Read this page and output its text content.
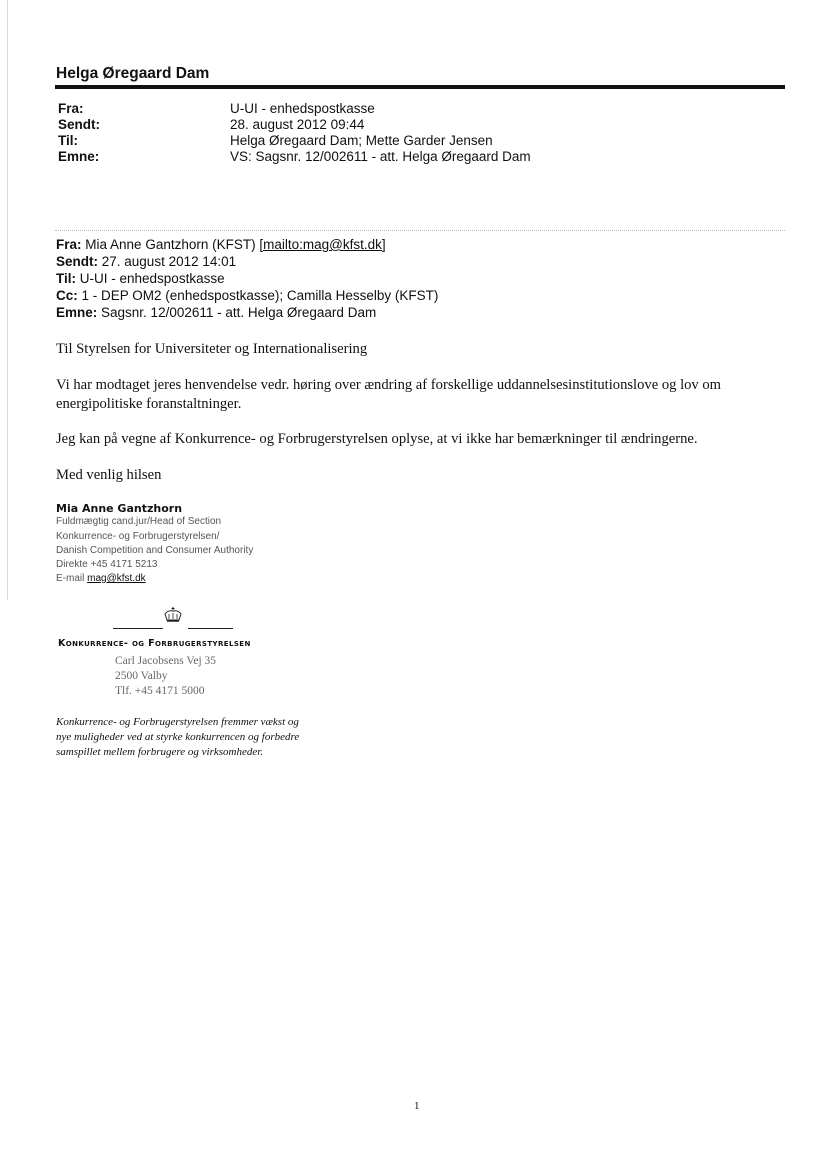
Helga Øregaard Dam
Fra:	U-UI - enhedspostkasse
Sendt:	28. august 2012 09:44
Til:	Helga Øregaard Dam; Mette Garder Jensen
Emne:	VS: Sagsnr. 12/002611 - att. Helga Øregaard Dam
Fra: Mia Anne Gantzhorn (KFST) [mailto:mag@kfst.dk]
Sendt: 27. august 2012 14:01
Til: U-UI - enhedspostkasse
Cc: 1 - DEP OM2 (enhedspostkasse); Camilla Hesselby (KFST)
Emne: Sagsnr. 12/002611 - att. Helga Øregaard Dam
Til Styrelsen for Universiteter og Internationalisering
Vi har modtaget jeres henvendelse vedr. høring over ændring af forskellige uddannelsesinstitutionslove og lov om energipolitiske foranstaltninger.
Jeg kan på vegne af Konkurrence- og Forbrugerstyrelsen oplyse, at vi ikke har bemærkninger til ændringerne.
Med venlig hilsen
Mia Anne Gantzhorn
Fuldmægtig cand.jur/Head of Section
Konkurrence- og Forbrugerstyrelsen/
Danish Competition and Consumer Authority
Direkte +45 4171 5213
E-mail mag@kfst.dk
Konkurrence- og Forbrugerstyrelsen
Carl Jacobsens Vej 35
2500 Valby
Tlf. +45 4171 5000
Konkurrence- og Forbrugerstyrelsen fremmer vækst og nye muligheder ved at styrke konkurrencen og forbedre samspillet mellem forbrugere og virksomheder.
1
